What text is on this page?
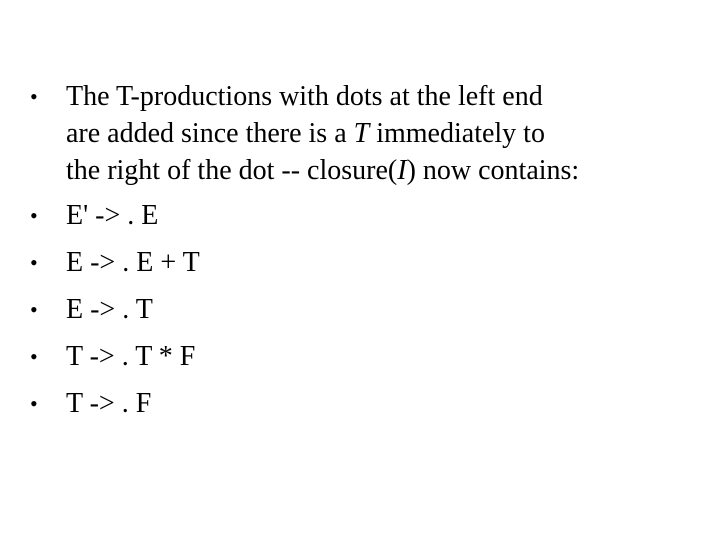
• The T-productions with dots at the left end
are added since there is a T immediately to
the right of the dot -- closure(I) now contains:
• E' -> . E
• E -> . E + T
• E -> . T
• T -> . T * F
• T -> . F
